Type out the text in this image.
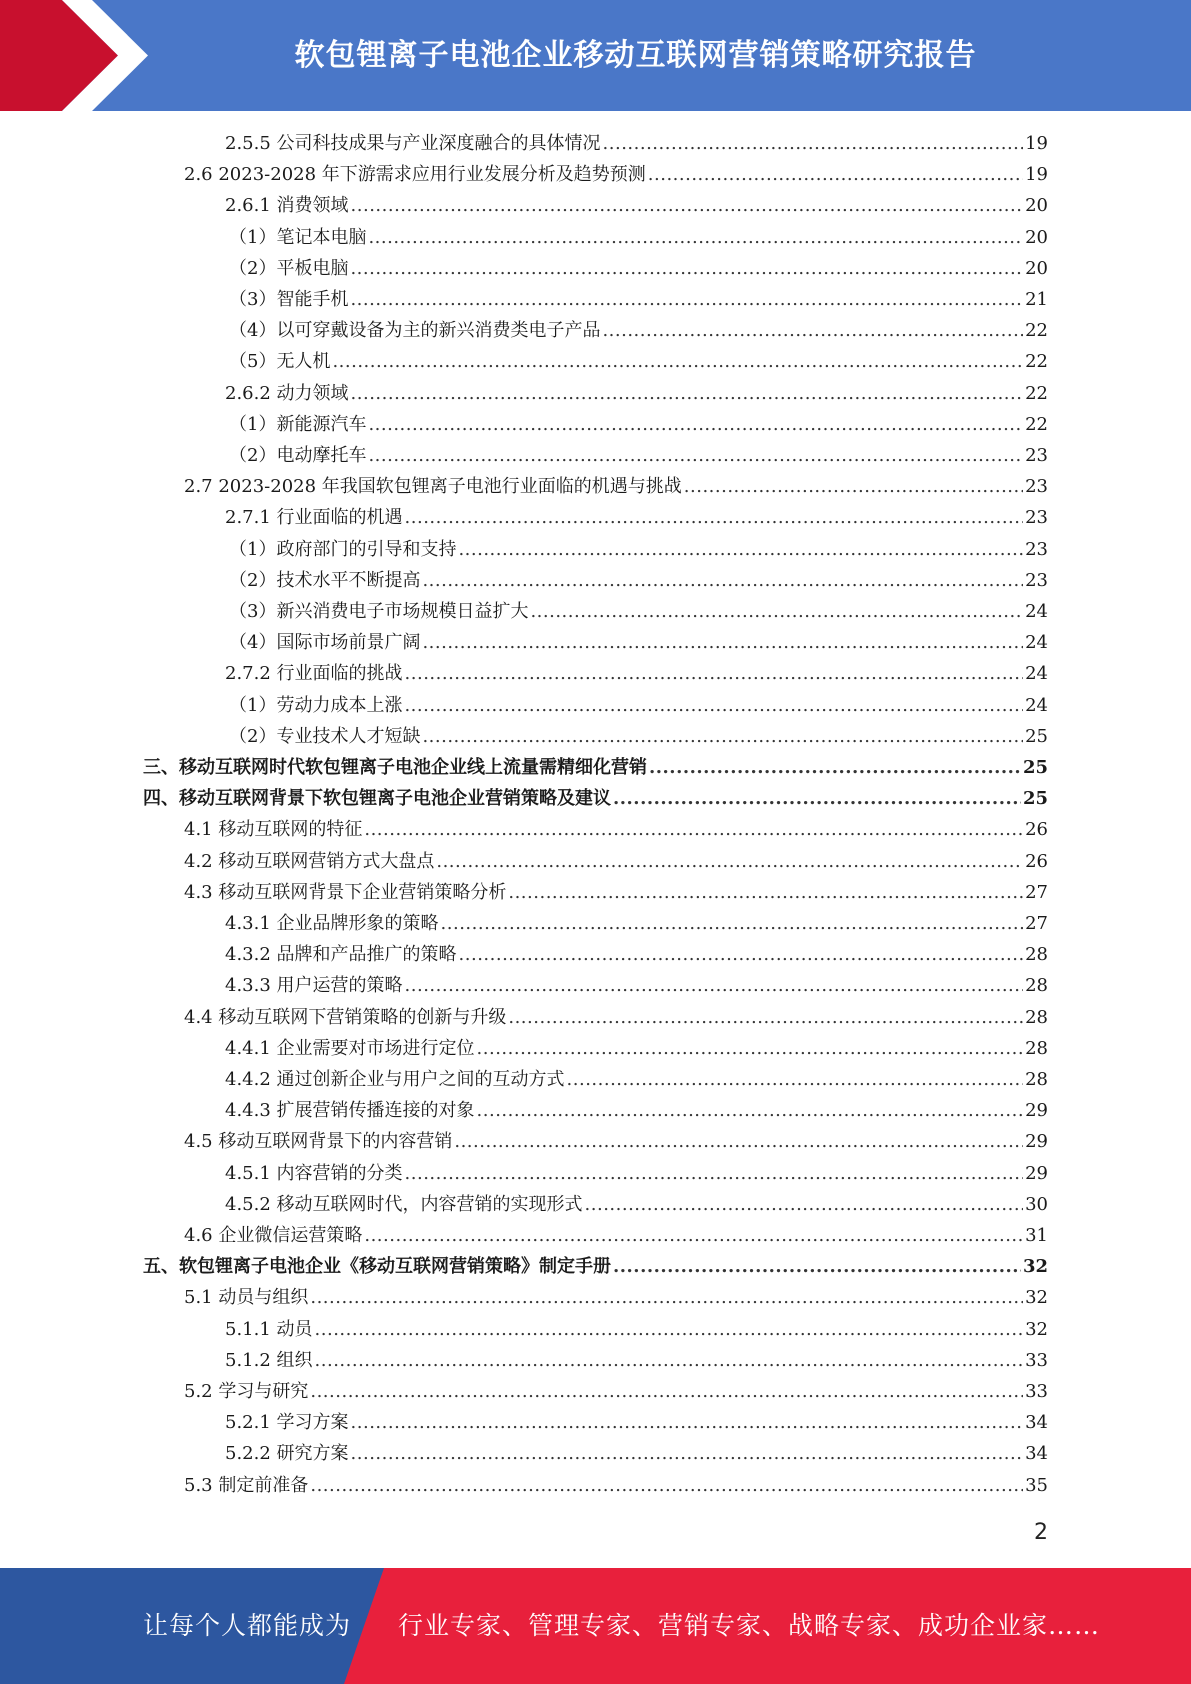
软包锂离子电池企业移动互联网营销策略研究报告
2.5.5 公司科技成果与产业深度融合的具体情况 .....	19
2.6 2023-2028 年下游需求应用行业发展分析及趋势预测 .....	19
2.6.1 消费领域 .....	20
（1）笔记本电脑 .....	20
（2）平板电脑 .....	20
（3）智能手机 .....	21
（4）以可穿戴设备为主的新兴消费类电子产品 .....	22
（5）无人机 .....	22
2.6.2 动力领域 .....	22
（1）新能源汽车 .....	22
（2）电动摩托车 .....	23
2.7 2023-2028 年我国软包锂离子电池行业面临的机遇与挑战 .....	23
2.7.1 行业面临的机遇 .....	23
（1）政府部门的引导和支持 .....	23
（2）技术水平不断提高 .....	23
（3）新兴消费电子市场规模日益扩大 .....	24
（4）国际市场前景广阔 .....	24
2.7.2 行业面临的挑战 .....	24
（1）劳动力成本上涨 .....	24
（2）专业技术人才短缺 .....	25
三、移动互联网时代软包锂离子电池企业线上流量需精细化营销 .....	25
四、移动互联网背景下软包锂离子电池企业营销策略及建议 .....	25
4.1 移动互联网的特征 .....	26
4.2 移动互联网营销方式大盘点 .....	26
4.3 移动互联网背景下企业营销策略分析 .....	27
4.3.1 企业品牌形象的策略 .....	27
4.3.2 品牌和产品推广的策略 .....	28
4.3.3 用户运营的策略 .....	28
4.4 移动互联网下营销策略的创新与升级 .....	28
4.4.1 企业需要对市场进行定位 .....	28
4.4.2 通过创新企业与用户之间的互动方式 .....	28
4.4.3 扩展营销传播连接的对象 .....	29
4.5 移动互联网背景下的内容营销 .....	29
4.5.1 内容营销的分类 .....	29
4.5.2 移动互联网时代，内容营销的实现形式 .....	30
4.6 企业微信运营策略 .....	31
五、软包锂离子电池企业《移动互联网营销策略》制定手册 .....	32
5.1 动员与组织 .....	32
5.1.1 动员 .....	32
5.1.2 组织 .....	33
5.2 学习与研究 .....	33
5.2.1 学习方案 .....	34
5.2.2 研究方案 .....	34
5.3 制定前准备 .....	35
2
让每个人都能成为 行业专家、管理专家、营销专家、战略专家、成功企业家……
